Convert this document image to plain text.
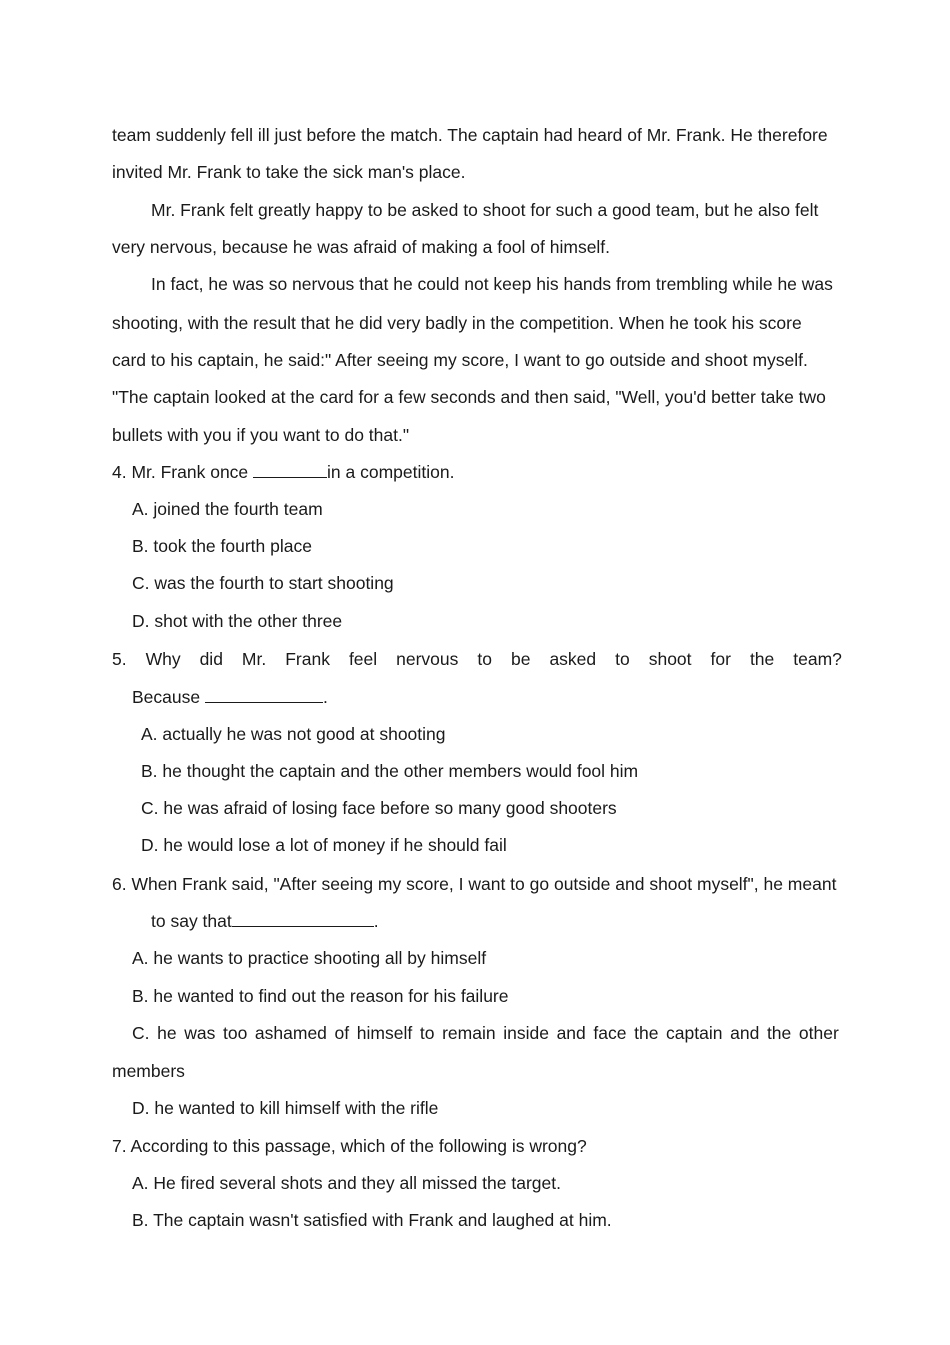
team suddenly fell ill just before the match. The captain had heard of Mr. Frank. He therefore
invited Mr. Frank to take the sick man's place.
Mr. Frank felt greatly happy to be asked to shoot for such a good team, but he also felt
very nervous, because he was afraid of making a fool of himself.
In fact, he was so nervous that he could not keep his hands from trembling while he was
shooting, with the result that he did very badly in the competition. When he took his score
card to his captain, he said:" After seeing my score, I want to go outside and shoot myself.
"The captain looked at the card for a few seconds and then said, "Well, you'd better take two
bullets with you if you want to do that."
4. Mr. Frank once	in a competition.
A. joined the fourth team
B. took the fourth place
C. was the fourth to start shooting
D. shot with the other three
5. Why did Mr. Frank feel nervous to be asked to shoot for the team?
Because	.
A. actually he was not good at shooting
B. he thought the captain and the other members would fool him
C. he was afraid of losing face before so many good shooters
D. he would lose a lot of money if he should fail
6. When Frank said, "After seeing my score, I want to go outside and shoot myself", he meant
to say that	.
A. he wants to practice shooting all by himself
B. he wanted to find out the reason for his failure
C. he was too ashamed of himself to remain inside and face the captain and the other
members
D. he wanted to kill himself with the rifle
7. According to this passage, which of the following is wrong?
A. He fired several shots and they all missed the target.
B. The captain wasn't satisfied with Frank and laughed at him.
